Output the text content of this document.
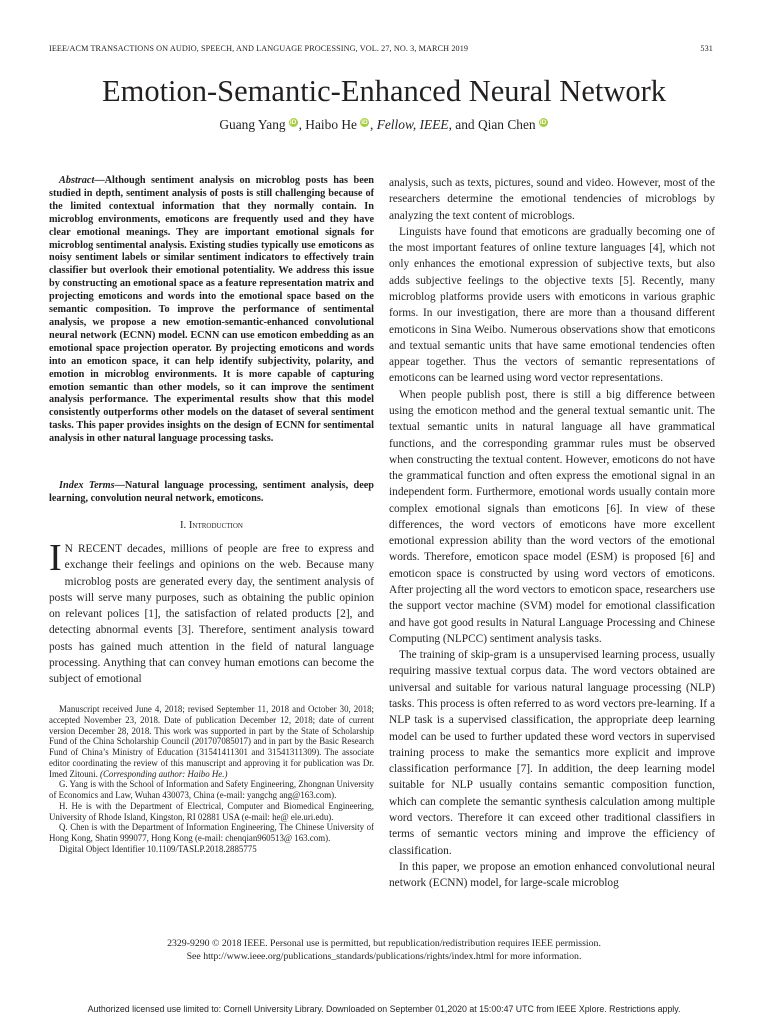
IEEE/ACM TRANSACTIONS ON AUDIO, SPEECH, AND LANGUAGE PROCESSING, VOL. 27, NO. 3, MARCH 2019	531
Emotion-Semantic-Enhanced Neural Network
Guang Yang iD , Haibo He iD , Fellow, IEEE, and Qian Chen iD

Abstract—Although sentiment analysis on microblog posts has been studied in depth, sentiment analysis of posts is still challenging because of the limited contextual information that they normally contain. In microblog environments, emoticons are frequently used and they have clear emotional meanings. They are important emotional signals for microblog sentimental analysis. Existing studies typically use emoticons as noisy sentiment labels or similar sentiment indicators to effectively train classifier but overlook their emotional potentiality. We address this issue by constructing an emotional space as a feature representation matrix and projecting emoticons and words into the emotional space based on the semantic composition. To improve the performance of sentimental analysis, we propose a new emotion-semantic-enhanced convolutional neural network (ECNN) model. ECNN can use emoticon embedding as an emotional space projection operator. By projecting emoticons and words into an emoticon space, it can help identify subjectivity, polarity, and emotion in microblog environments. It is more capable of capturing emotion semantic than other models, so it can improve the sentiment analysis performance. The experimental results show that this model consistently outperforms other models on the dataset of several sentiment tasks. This paper provides insights on the design of ECNN for sentimental analysis in other natural language processing tasks.

Index Terms—Natural language processing, sentiment analysis, deep learning, convolution neural network, emoticons.

I. Introduction

I N RECENT decades, millions of people are free to express and exchange their feelings and opinions on the web. Because many microblog posts are generated every day, the sentiment analysis of posts will serve many purposes, such as obtaining the public opinion on relevant polices [1], the satisfaction of related products [2], and detecting abnormal events [3]. Therefore, sentiment analysis toward posts has gained much attention in the field of natural language processing. Anything that can convey human emotions can become the subject of emotional

Manuscript received June 4, 2018; revised September 11, 2018 and October 30, 2018; accepted November 23, 2018. Date of publication December 12, 2018; date of current version December 28, 2018. This work was supported in part by the State of Scholarship Fund of the China Scholarship Council (201707085017) and in part by the Basic Research Fund of China’s Ministry of Education (31541411301 and 31541311309). The associate editor coordinating the review of this manuscript and approving it for publication was Dr. Imed Zitouni. (Corresponding author: Haibo He.)

G. Yang is with the School of Information and Safety Engineering, Zhongnan University of Economics and Law, Wuhan 430073, China (e-mail: yangchg ang@163.com).

H. He is with the Department of Electrical, Computer and Biomedical Engineering, University of Rhode Island, Kingston, RI 02881 USA (e-mail: he@ ele.uri.edu).

Q. Chen is with the Department of Information Engineering, The Chinese University of Hong Kong, Shatin 999077, Hong Kong (e-mail: chenqian960513@ 163.com).

Digital Object Identifier 10.1109/TASLP.2018.2885775

analysis, such as texts, pictures, sound and video. However, most of the researchers determine the emotional tendencies of microblogs by analyzing the text content of microblogs.

Linguists have found that emoticons are gradually becoming one of the most important features of online texture languages [4], which not only enhances the emotional expression of subjective texts, but also adds subjective feelings to the objective texts [5]. Recently, many microblog platforms provide users with emoticons in various graphic forms. In our investigation, there are more than a thousand different emoticons in Sina Weibo. Numerous observations show that emoticons and textual semantic units that have same emotional tendencies often appear together. Thus the vectors of semantic representations of emoticons can be learned using word vector representations.

When people publish post, there is still a big difference between using the emoticon method and the general textual semantic unit. The textual semantic units in natural language all have grammatical functions, and the corresponding grammar rules must be observed when constructing the textual content. However, emoticons do not have the grammatical function and often express the emotional signal in an independent form. Furthermore, emotional words usually contain more complex emotional signals than emoticons [6]. In view of these differences, the word vectors of emoticons have more excellent emotional expression ability than the word vectors of the emotional words. Therefore, emoticon space model (ESM) is proposed [6] and emoticon space is constructed by using word vectors of emoticons. After projecting all the word vectors to emoticon space, researchers use the support vector machine (SVM) model for emotional classification and have got good results in Natural Language Processing and Chinese Computing (NLPCC) sentiment analysis tasks.

The training of skip-gram is a unsupervised learning process, usually requiring massive textual corpus data. The word vectors obtained are universal and suitable for various natural language processing (NLP) tasks. This process is often referred to as word vectors pre-learning. If a NLP task is a supervised classification, the appropriate deep learning model can be used to further updated these word vectors in supervised training process to make the semantics more explicit and improve classification performance [7]. In addition, the deep learning model suitable for NLP usually contains semantic composition function, which can complete the semantic synthesis calculation among multiple word vectors. Therefore it can exceed other traditional classifiers in terms of semantic vectors mining and improve the efficiency of classification.

In this paper, we propose an emotion enhanced convolutional neural network (ECNN) model, for large-scale microblog

2329-9290 © 2018 IEEE. Personal use is permitted, but republication/redistribution requires IEEE permission.
See http://www.ieee.org/publications_standards/publications/rights/index.html for more information.
Authorized licensed use limited to: Cornell University Library. Downloaded on September 01,2020 at 15:00:47 UTC from IEEE Xplore. Restrictions apply.
